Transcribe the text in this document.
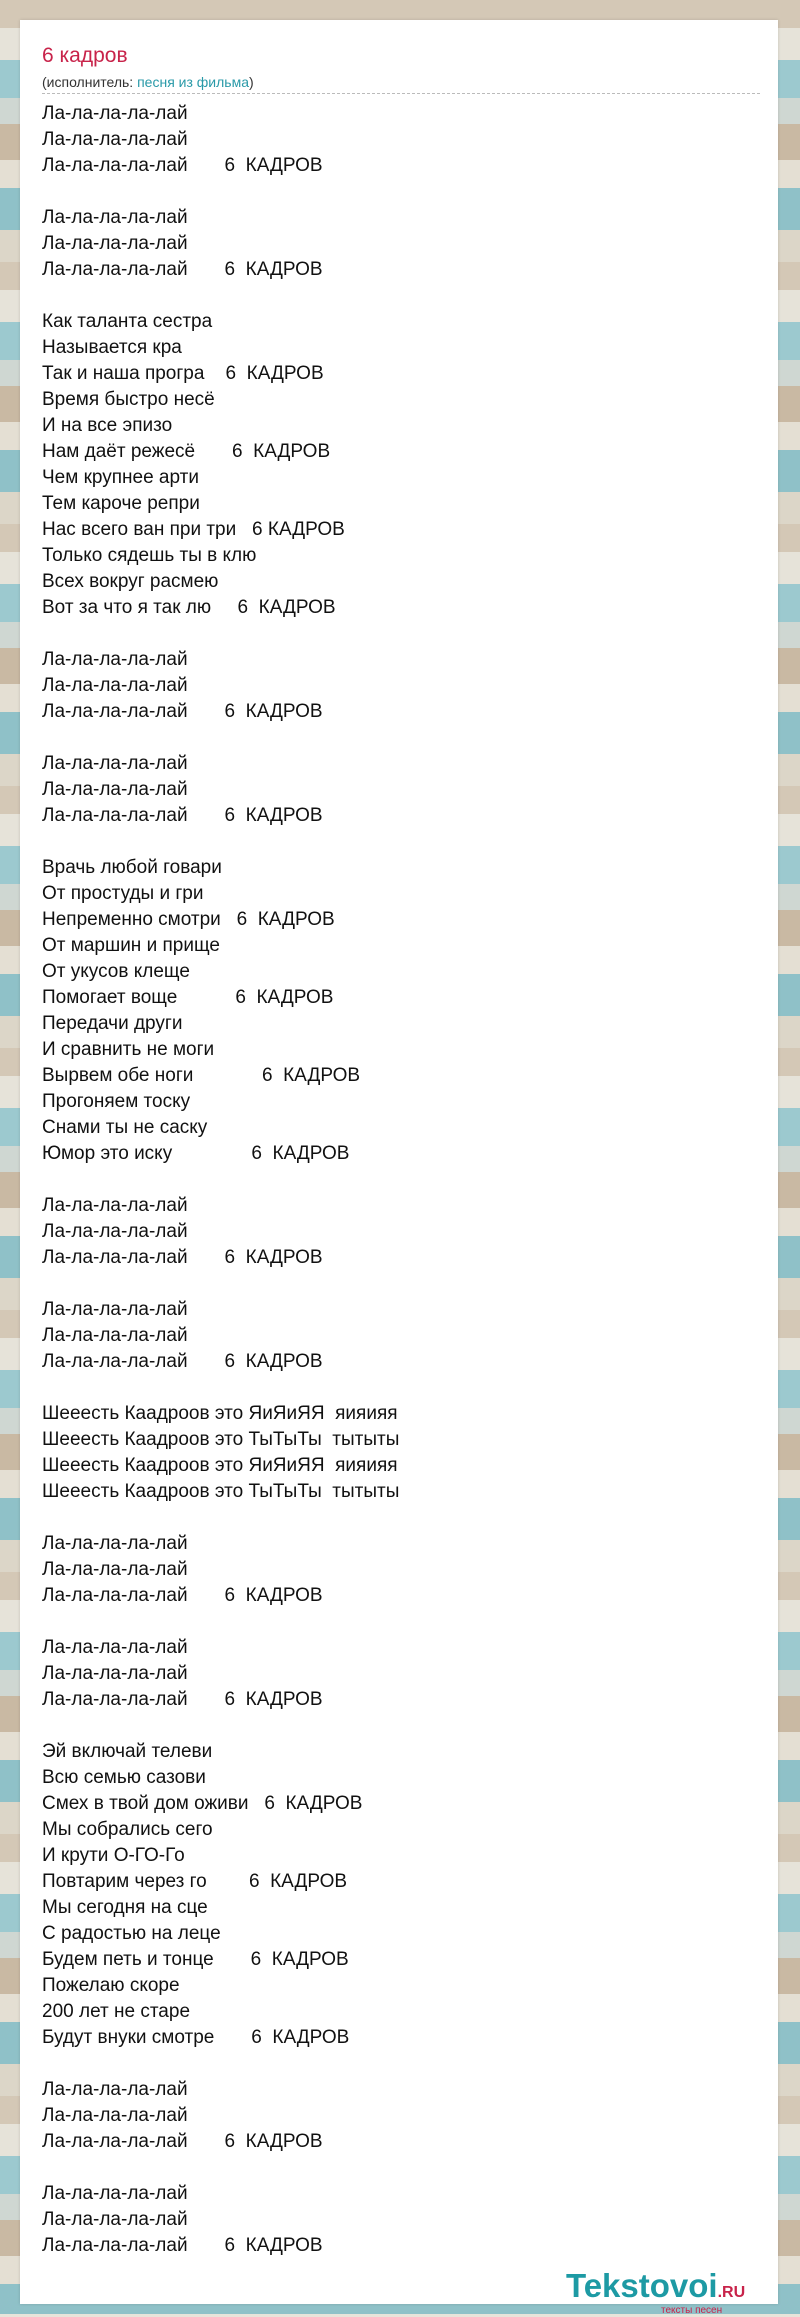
6 кадров
(исполнитель: песня из фильма)
Ла-ла-ла-ла-лай
Ла-ла-ла-ла-лай
Ла-ла-ла-ла-лай       6  КАДРОВ
Ла-ла-ла-ла-лай
Ла-ла-ла-ла-лай
Ла-ла-ла-ла-лай       6  КАДРОВ
Как таланта сестра
Называется кра
Так и наша програ    6  КАДРОВ
Время быстро несё
И на все эпизо
Нам даёт режесё       6  КАДРОВ
Чем крупнее арти
Тем кароче репри
Нас всего ван при три   6 КАДРОВ
Только сядешь ты в клю
Всех вокруг расмею
Вот за что я так лю     6  КАДРОВ
Ла-ла-ла-ла-лай
Ла-ла-ла-ла-лай
Ла-ла-ла-ла-лай       6  КАДРОВ
Ла-ла-ла-ла-лай
Ла-ла-ла-ла-лай
Ла-ла-ла-ла-лай       6  КАДРОВ
Врачь любой говари
От простуды и гри
Непременно смотри   6  КАДРОВ
От маршин и прище
От укусов клеще
Помогает воще           6  КАДРОВ
Передачи други
И сравнить не моги
Вырвем обе ноги             6  КАДРОВ
Прогоняем тоску
Снами ты не саску
Юмор это иску               6  КАДРОВ
Ла-ла-ла-ла-лай
Ла-ла-ла-ла-лай
Ла-ла-ла-ла-лай       6  КАДРОВ
Ла-ла-ла-ла-лай
Ла-ла-ла-ла-лай
Ла-ла-ла-ла-лай       6  КАДРОВ
Шееесть Каадроов это ЯиЯиЯЯ  яияияя
Шееесть Каадроов это ТыТыТы  тытыты
Шееесть Каадроов это ЯиЯиЯЯ  яияияя
Шееесть Каадроов это ТыТыТы  тытыты
Ла-ла-ла-ла-лай
Ла-ла-ла-ла-лай
Ла-ла-ла-ла-лай       6  КАДРОВ
Ла-ла-ла-ла-лай
Ла-ла-ла-ла-лай
Ла-ла-ла-ла-лай       6  КАДРОВ
Эй включай телеви
Всю семью сазови
Смех в твой дом оживи   6  КАДРОВ
Мы собрались сего
И крути О-ГО-Го
Повтарим через го        6  КАДРОВ
Мы сегодня на сце
С радостью на леце
Будем петь и тонце       6  КАДРОВ
Пожелаю скоре
200 лет не старе
Будут внуки смотре       6  КАДРОВ
Ла-ла-ла-ла-лай
Ла-ла-ла-ла-лай
Ла-ла-ла-ла-лай       6  КАДРОВ
Ла-ла-ла-ла-лай
Ла-ла-ла-ла-лай
Ла-ла-ла-ла-лай       6  КАДРОВ
Tekstovoi.RU
тексты песен
